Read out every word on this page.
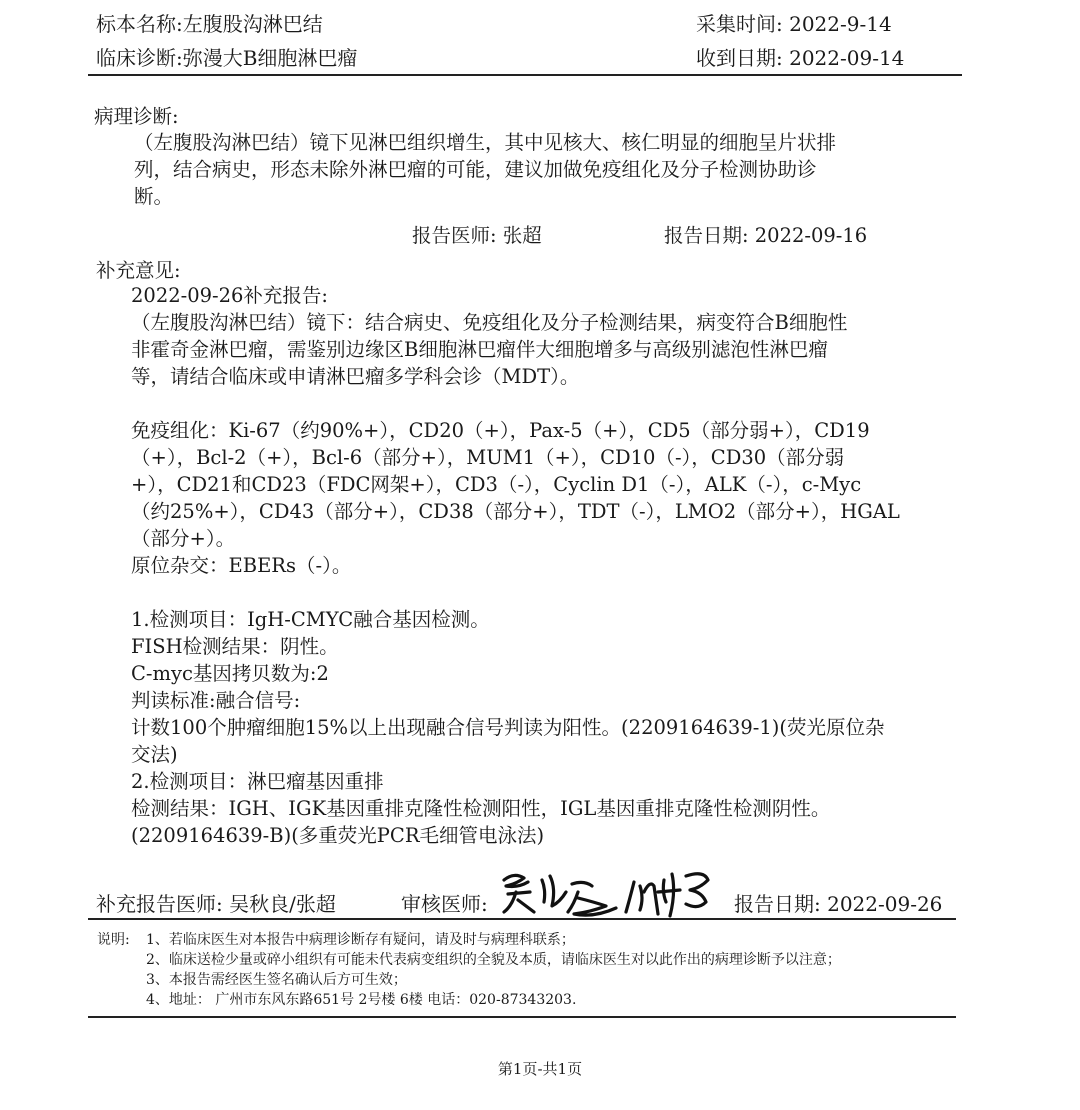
标本名称:左腹股沟淋巴结	采集时间: 2022-9-14
临床诊断:弥漫大B细胞淋巴瘤	收到日期: 2022-09-14
病理诊断:
（左腹股沟淋巴结）镜下见淋巴组织增生，其中见核大、核仁明显的细胞呈片状排
列，结合病史，形态未除外淋巴瘤的可能，建议加做免疫组化及分子检测协助诊
断。
报告医师: 张超	报告日期: 2022-09-16
补充意见:
2022-09-26补充报告:
（左腹股沟淋巴结）镜下：结合病史、免疫组化及分子检测结果，病变符合B细胞性
非霍奇金淋巴瘤，需鉴别边缘区B细胞淋巴瘤伴大细胞增多与高级别滤泡性淋巴瘤
等，请结合临床或申请淋巴瘤多学科会诊（MDT）。

免疫组化：Ki-67（约90%+），CD20（+），Pax-5（+），CD5（部分弱+），CD19
（+），Bcl-2（+），Bcl-6（部分+），MUM1（+），CD10（-），CD30（部分弱
+），CD21和CD23（FDC网架+），CD3（-），Cyclin D1（-），ALK（-），c-Myc
（约25%+），CD43（部分+），CD38（部分+），TDT（-），LMO2（部分+），HGAL
（部分+）。
原位杂交：EBERs（-）。

1.检测项目：IgH-CMYC融合基因检测。
FISH检测结果：阴性。
C-myc基因拷贝数为:2
判读标准:融合信号:
计数100个肿瘤细胞15%以上出现融合信号判读为阳性。(2209164639-1)(荧光原位杂
交法)
2.检测项目：淋巴瘤基因重排
检测结果：IGH、IGK基因重排克隆性检测阳性，IGL基因重排克隆性检测阴性。
(2209164639-B)(多重荧光PCR毛细管电泳法)
补充报告医师: 吴秋良/张超	审核医师:	报告日期: 2022-09-26
说明: 1、若临床医生对本报告中病理诊断存有疑问，请及时与病理科联系；
2、临床送检少量或碎小组织有可能未代表病变组织的全貌及本质，请临床医生对以此作出的病理诊断予以注意；
3、本报告需经医生签名确认后方可生效；
4、地址： 广州市东风东路651号 2号楼 6楼 电话：020-87343203.
第1页-共1页
